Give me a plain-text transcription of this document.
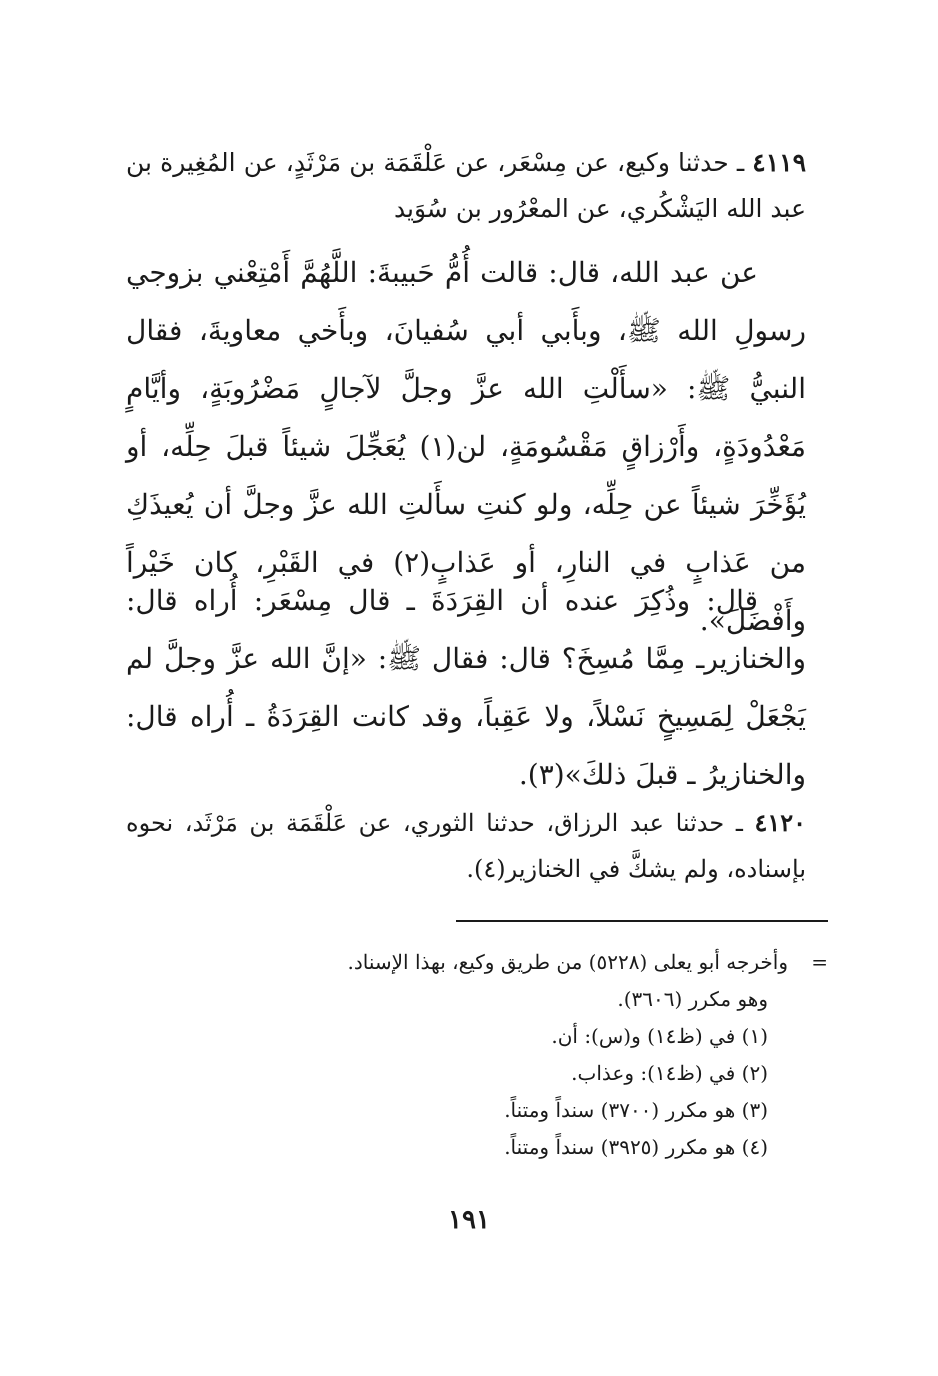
٤١١٩ ـ حدثنا وكيع، عن مِسْعَر، عن عَلْقَمَة بن مَرْثَدٍ، عن المُغِيرة بن عبد الله اليَشْكُري، عن المعْرُور بن سُوَيد

عن عبد الله، قال: قالت أُمُّ حَبيبةَ: اللَّهُمَّ أَمْتِعْني بزوجي رسولِ الله ﷺ، وبأَبي أبي سُفيانَ، وبأَخي معاويةَ، فقال النبيُّ ﷺ: «سأَلْتِ الله عزَّ وجلَّ لآجالٍ مَضْرُوبَةٍ، وأيَّامٍ مَعْدُودَةٍ، وأَرْزاقٍ مَقْسُومَةٍ، لن(١) يُعَجِّلَ شيئاً قبلَ حِلِّه، أو يُؤَخِّرَ شيئاً عن حِلِّه، ولو كنتِ سأَلتِ الله عزَّ وجلَّ أن يُعيذَكِ من عَذابٍ في النارِ، أو عَذابٍ(٢) في القَبْرِ، كان خَيْراً وأَفْضَلَ».

قال: وذُكِرَ عنده أن القِرَدَةَ ـ قال مِسْعَر: أُراه قال: والخنازيرـ مِمَّا مُسِخَ؟ قال: فقال ﷺ: «إنَّ الله عزَّ وجلَّ لم يَجْعَلْ لِمَسِيخٍ نَسْلاً، ولا عَقِباً، وقد كانت القِرَدَةُ ـ أُراه قال: والخنازيرُ ـ قبلَ ذلكَ»(٣).

٤١٢٠ ـ حدثنا عبد الرزاق، حدثنا الثوري، عن عَلْقَمَة بن مَرْثَد، نحوه بإسناده، ولم يشكَّ في الخنازير(٤).

=
وأخرجه أبو يعلى (٥٢٢٨) من طريق وكيع، بهذا الإسناد.
وهو مكرر (٣٦٠٦).
(١) في (ظ١٤) و(س): أن.
(٢) في (ظ١٤): وعذاب.
(٣) هو مكرر (٣٧٠٠) سنداً ومتناً.
(٤) هو مكرر (٣٩٢٥) سنداً ومتناً.
١٩١
